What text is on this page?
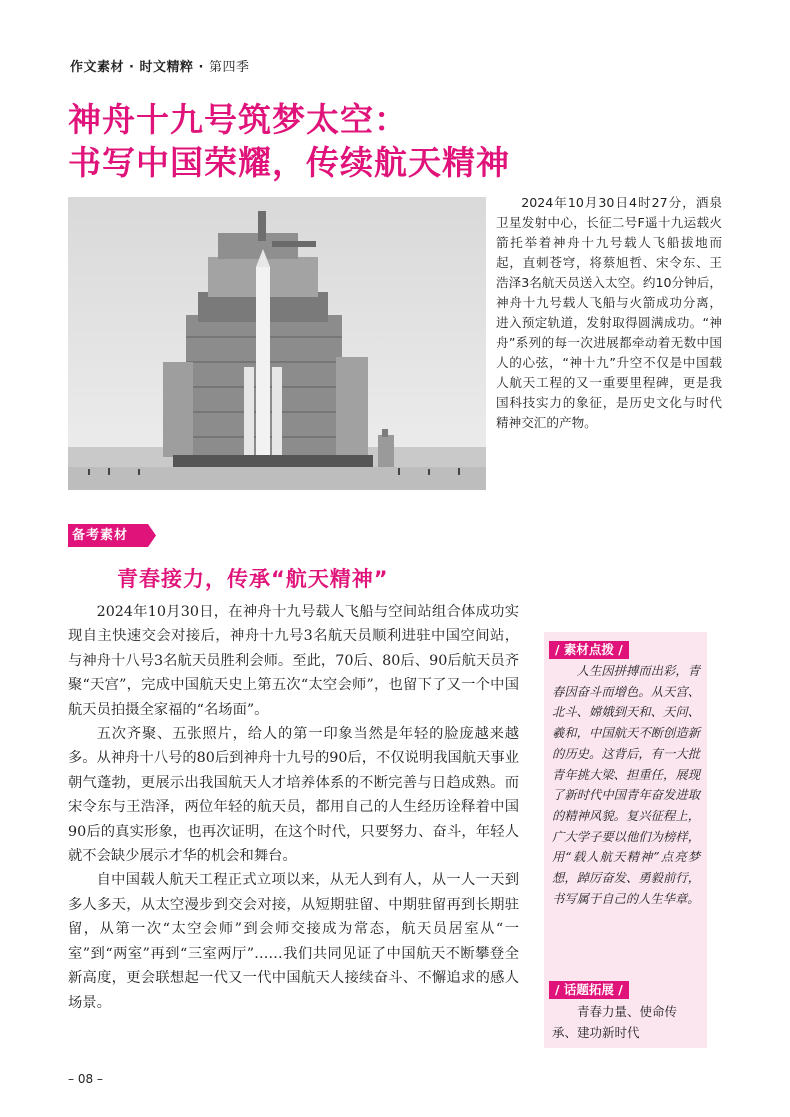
作文素材 · 时文精粹 · 第四季
神舟十九号筑梦太空：
书写中国荣耀，传续航天精神

2024年10月30日4时27分，酒泉卫星发射中心，长征二号F遥十九运载火箭托举着神舟十九号载人飞船拔地而起，直刺苍穹，将蔡旭哲、宋令东、王浩泽3名航天员送入太空。约10分钟后，神舟十九号载人飞船与火箭成功分离，进入预定轨道，发射取得圆满成功。“神舟”系列的每一次进展都牵动着无数中国人的心弦，“神十九”升空不仅是中国载人航天工程的又一重要里程碑，更是我国科技实力的象征，是历史文化与时代精神交汇的产物。

备考素材
青春接力，传承“航天精神”

2024年10月30日，在神舟十九号载人飞船与空间站组合体成功实现自主快速交会对接后，神舟十九号3名航天员顺利进驻中国空间站，与神舟十八号3名航天员胜利会师。至此，70后、80后、90后航天员齐聚“天宫”，完成中国航天史上第五次“太空会师”，也留下了又一个中国航天员拍摄全家福的“名场面”。

五次齐聚、五张照片，给人的第一印象当然是年轻的脸庞越来越多。从神舟十八号的80后到神舟十九号的90后，不仅说明我国航天事业朝气蓬勃，更展示出我国航天人才培养体系的不断完善与日趋成熟。而宋令东与王浩泽，两位年轻的航天员，都用自己的人生经历诠释着中国90后的真实形象，也再次证明，在这个时代，只要努力、奋斗，年轻人就不会缺少展示才华的机会和舞台。

自中国载人航天工程正式立项以来，从无人到有人，从一人一天到多人多天，从太空漫步到交会对接，从短期驻留、中期驻留再到长期驻留，从第一次“太空会师”到会师交接成为常态，航天员居室从“一室”到“两室”再到“三室两厅”……我们共同见证了中国航天不断攀登全新高度，更会联想起一代又一代中国航天人接续奋斗、不懈追求的感人场景。

/ 素材点拨 /

人生因拼搏而出彩，青春因奋斗而增色。从天宫、北斗、嫦娥到天和、天问、羲和，中国航天不断创造新的历史。这背后，有一大批青年挑大梁、担重任，展现了新时代中国青年奋发进取的精神风貌。复兴征程上，广大学子要以他们为榜样，用“载人航天精神”点亮梦想，踔厉奋发、勇毅前行，书写属于自己的人生华章。

/ 话题拓展 /

青春力量、使命传承、建功新时代

– 08 –
